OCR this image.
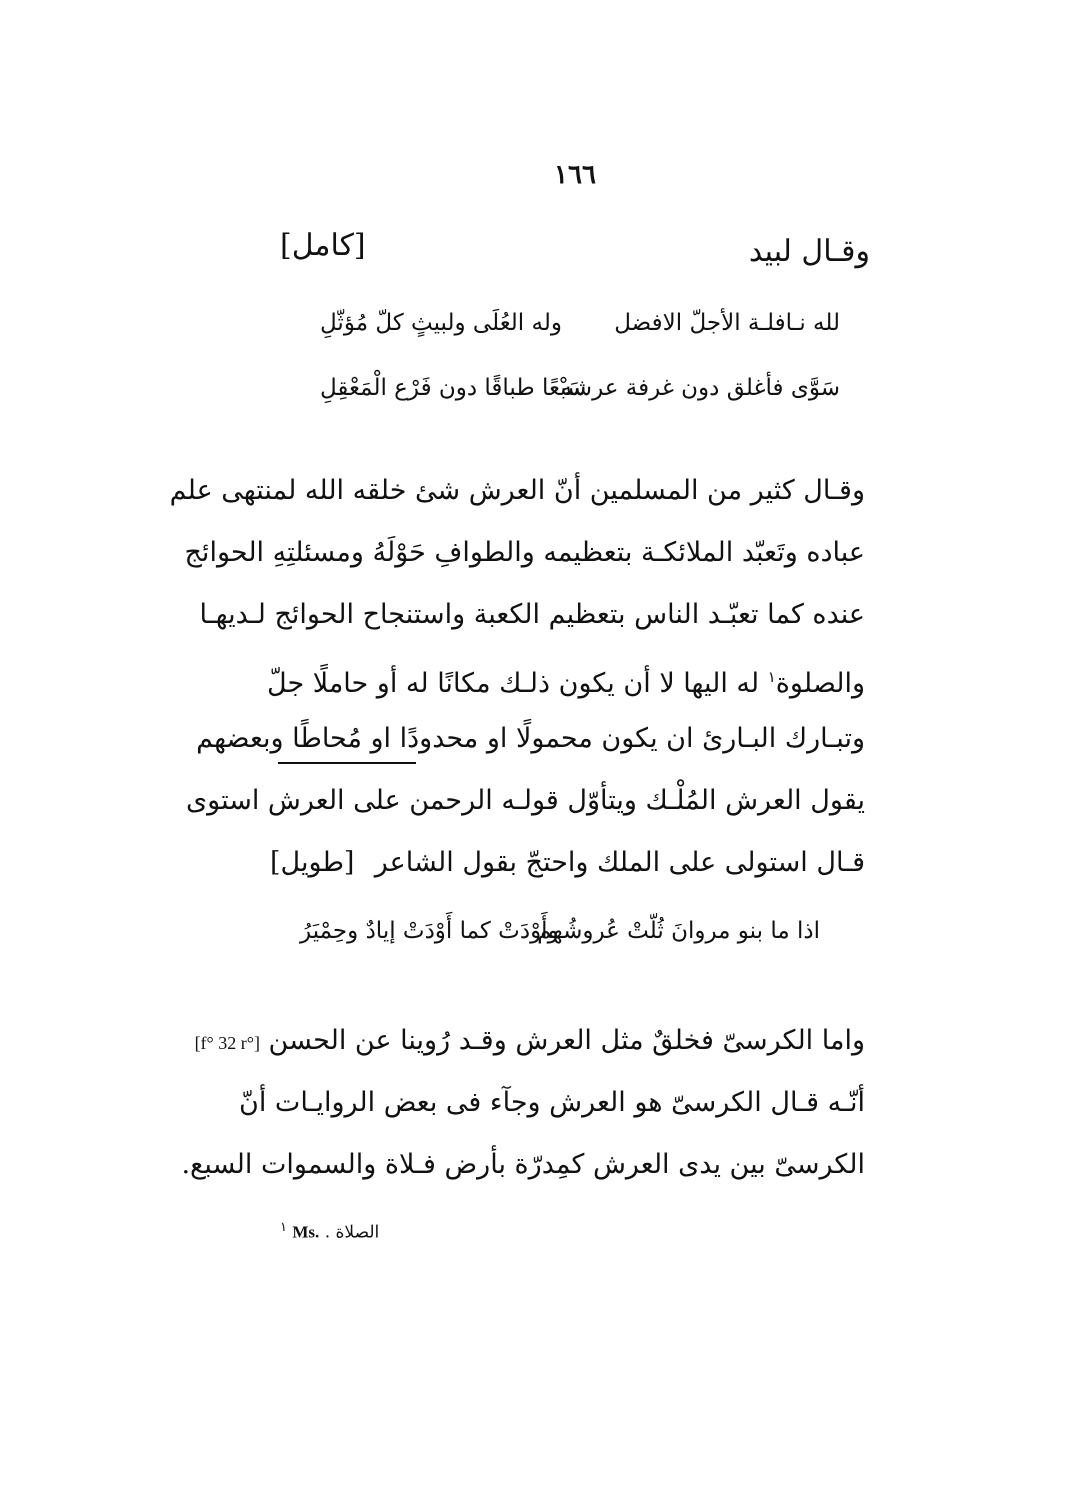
١٦٦
وقـال لبيد
[كامل]
لله نـافلـة الأجلّ الافضل
وله العُلَى ولبيثٍ كلّ مُؤثّلِ
سَوَّى فأغلق دون غرفة عرشه
سَبْعًا طباقًا دون فَرْع الْمَعْقِلِ
وقـال كثير من المسلمين أنّ العرش شئ خلقه الله لمنتهى علم
عباده وتَعبّد الملائكـة بتعظيمه والطوافِ حَوْلَهُ ومسئلتِهِ الحوائج
عنده كما تعبّـد الناس بتعظيم الكعبة واستنجاح الحوائج لـديهـا
والصلوة$^١$ له اليها لا أن يكون ذلـك مكانًا له أو حاملًا جلّ
وتبـارك البـارئ ان يكون محمولًا او محدودًا او مُحاطًا وبعضهم
يقول العرش المُلْـك ويتأوّل قولـه الرحمن على العرش استوى
قـال استولى على الملك واحتجّ بقول الشاعر
[طويل]
اذا ما بنو مروانَ ثُلّتْ عُروشُهم
وأَوْدَتْ كما أَوْدَتْ إيادٌ وحِمْيَرُ
واما الكرسىّ فخلقٌ مثل العرش وقـد رُوينا عن الحسن [f° 32 r°]
أنّـه قـال الكرسىّ هو العرش وجآء فى بعض الروايـات أنّ
الكرسىّ بين يدى العرش كمِدرّة بأرض فـلاة والسموات السبع.
$^١$ Ms. الصلاة .
